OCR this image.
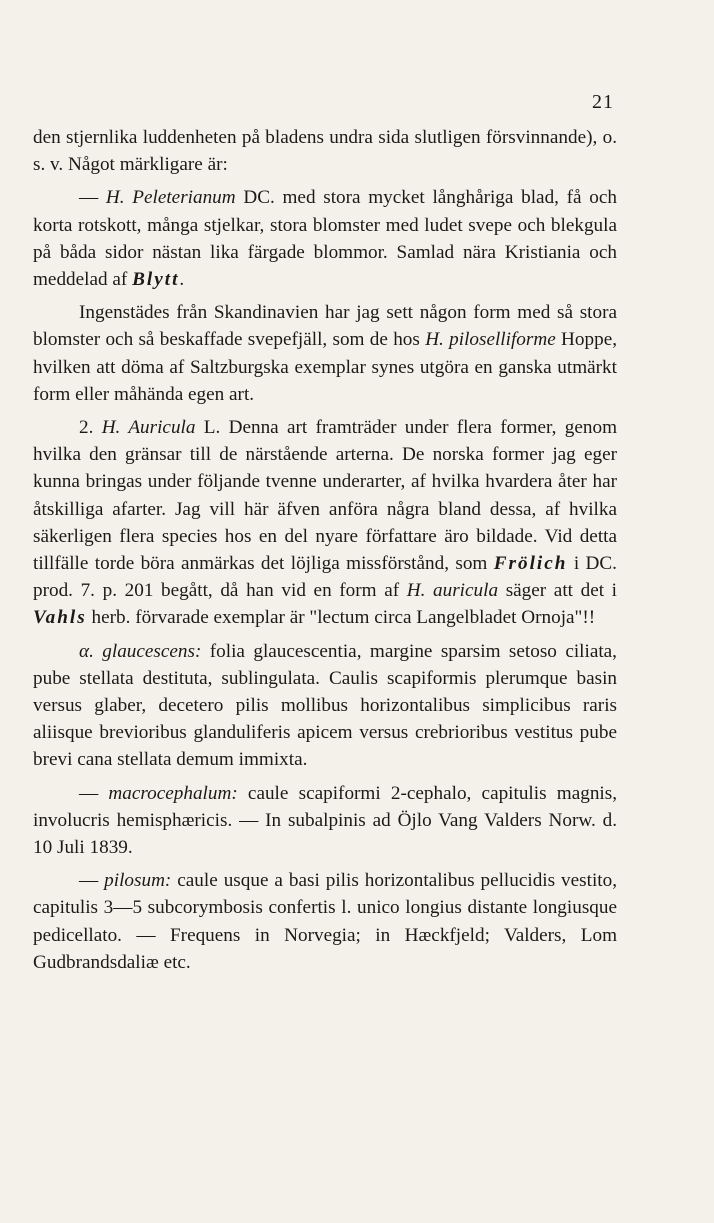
21

den stjernlika luddenheten på bladens undra sida slutligen försvinnande), o. s. v. Något märkligare är:

— H. Peleterianum DC. med stora mycket långhåriga blad, få och korta rotskott, många stjelkar, stora blomster med ludet svepe och blekgula på båda sidor nästan lika färgade blommor. Samlad nära Kristiania och meddelad af Blytt.

Ingenstädes från Skandinavien har jag sett någon form med så stora blomster och så beskaffade svepefjäll, som de hos H. piloselliforme Hoppe, hvilken att döma af Saltzburgska exemplar synes utgöra en ganska utmärkt form eller måhända egen art.

2. H. Auricula L. Denna art framträder under flera former, genom hvilka den gränsar till de närstående arterna. De norska former jag eger kunna bringas under följande tvenne underarter, af hvilka hvardera åter har åtskilliga afarter. Jag vill här äfven anföra några bland dessa, af hvilka säkerligen flera species hos en del nyare författare äro bildade. Vid detta tillfälle torde böra anmärkas det löjliga missförstånd, som Frölich i DC. prod. 7. p. 201 begått, då han vid en form af H. auricula säger att det i Vahls herb. förvarade exemplar är "lectum circa Langelbladet Ornoja"!!

α. glaucescens: folia glaucescentia, margine sparsim setoso ciliata, pube stellata destituta, sublingulata. Caulis scapiformis plerumque basin versus glaber, decetero pilis mollibus horizontalibus simplicibus raris aliisque brevioribus glanduliferis apicem versus crebrioribus vestitus pube brevi cana stellata demum immixta.

— macrocephalum: caule scapiformi 2-cephalo, capitulis magnis, involucris hemisphæricis. — In subalpinis ad Öjlo Vang Valders Norw. d. 10 Juli 1839.

— pilosum: caule usque a basi pilis horizontalibus pellucidis vestito, capitulis 3—5 subcorymbosis confertis l. unico longius distante longiusque pedicellato. — Frequens in Norvegia; in Hæckfjeld; Valders, Lom Gudbrandsdaliæ etc.
